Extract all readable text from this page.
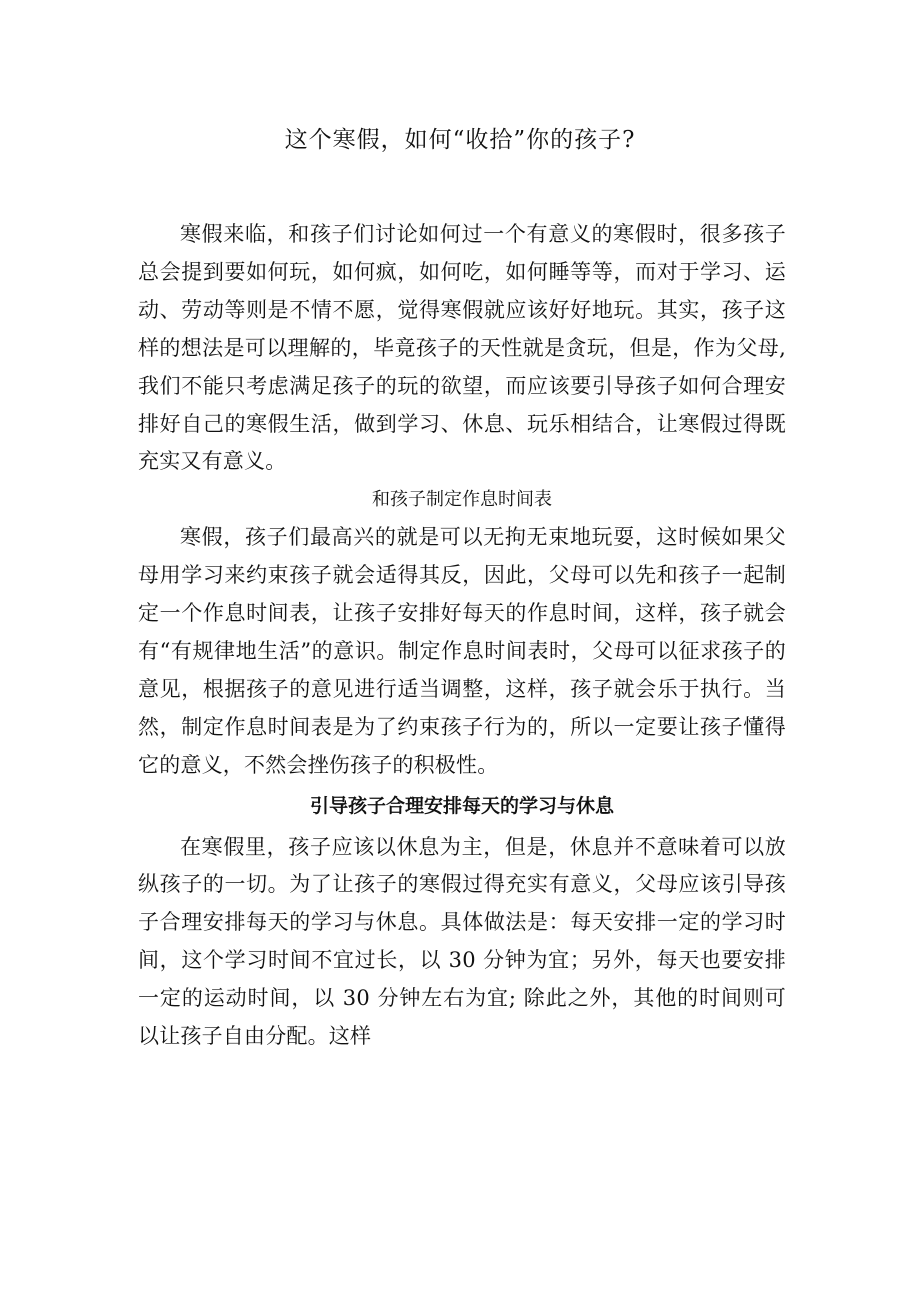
这个寒假，如何“收拾”你的孩子?

寒假来临，和孩子们讨论如何过一个有意义的寒假时，很多孩子总会提到要如何玩，如何疯，如何吃，如何睡等等，而对于学习、运动、劳动等则是不情不愿，觉得寒假就应该好好地玩。其实，孩子这样的想法是可以理解的，毕竟孩子的天性就是贪玩，但是，作为父母,我们不能只考虑满足孩子的玩的欲望，而应该要引导孩子如何合理安排好自己的寒假生活，做到学习、休息、玩乐相结合，让寒假过得既充实又有意义。

和孩子制定作息时间表

寒假，孩子们最高兴的就是可以无拘无束地玩耍，这时候如果父母用学习来约束孩子就会适得其反，因此，父母可以先和孩子一起制定一个作息时间表，让孩子安排好每天的作息时间，这样，孩子就会有“有规律地生活”的意识。制定作息时间表时，父母可以征求孩子的意见，根据孩子的意见进行适当调整，这样，孩子就会乐于执行。当然，制定作息时间表是为了约束孩子行为的，所以一定要让孩子懂得它的意义，不然会挫伤孩子的积极性。

引导孩子合理安排每天的学习与休息

在寒假里，孩子应该以休息为主，但是，休息并不意味着可以放纵孩子的一切。为了让孩子的寒假过得充实有意义，父母应该引导孩子合理安排每天的学习与休息。具体做法是：每天安排一定的学习时间，这个学习时间不宜过长，以 30 分钟为宜；另外，每天也要安排一定的运动时间，以 30 分钟左右为宜; 除此之外，其他的时间则可以让孩子自由分配。这样
